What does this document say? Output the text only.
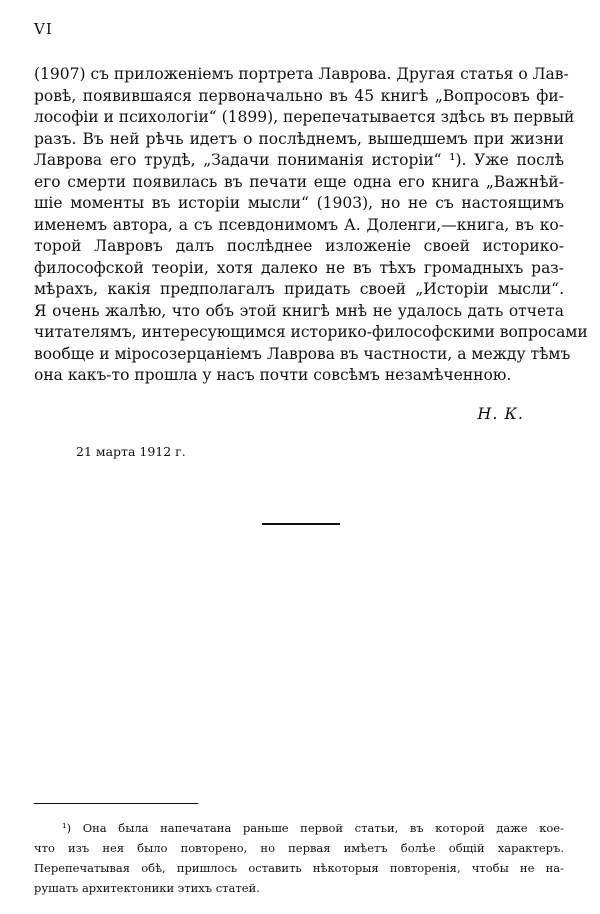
VI
(1907) съ приложеніемъ портрета Лаврова. Другая статья о Лав-
ровѣ, появившаяся первоначально въ 45 книгѣ „Вопросовъ фи-
лософіи и психологіи“ (1899), перепечатывается здѣсь въ первый
разъ. Въ ней рѣчь идетъ о послѣднемъ, вышедшемъ при жизни
Лаврова его трудѣ, „Задачи пониманія исторіи“ ¹). Уже послѣ
его смерти появилась въ печати еще одна его книга „Важнѣй-
шіе моменты въ исторіи мысли“ (1903), но не съ настоящимъ
именемъ автора, а съ псевдонимомъ А. Доленги,—книга, въ ко-
торой Лавровъ далъ послѣднее изложеніе своей историко-
философской теоріи, хотя далеко не въ тѣхъ громадныхъ раз-
мѣрахъ, какія предполагалъ придать своей „Исторіи мысли“.
Я очень жалѣю, что объ этой книгѣ мнѣ не удалось дать отчета
читателямъ, интересующимся историко-философскими вопросами
вообще и міросозерцаніемъ Лаврова въ частности, а между тѣмъ
она какъ-то прошла у насъ почти совсѣмъ незамѣченною.
Н. К.
21 марта 1912 г.
¹) Она была напечатана раньше первой статьи, въ которой даже кое-
что изъ нея было повторено, но первая имѣетъ болѣе общій характеръ.
Перепечатывая обѣ, пришлось оставить нѣкоторыя повторенія, чтобы не на-
рушать архитектоники этихъ статей.
